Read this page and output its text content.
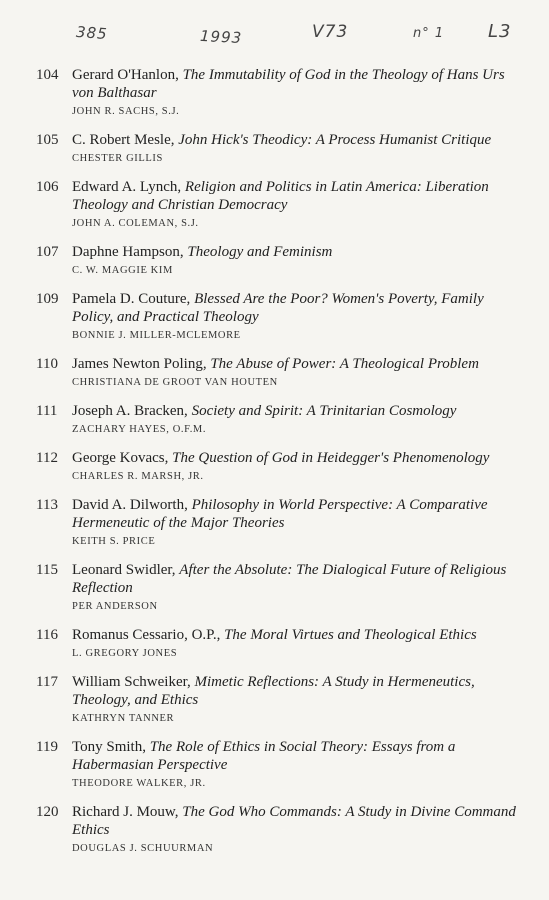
385	1993	V73	n° 1 L3
104 Gerard O'Hanlon, The Immutability of God in the Theology of Hans Urs von Balthasar
JOHN R. SACHS, S.J.
105 C. Robert Mesle, John Hick's Theodicy: A Process Humanist Critique
CHESTER GILLIS
106 Edward A. Lynch, Religion and Politics in Latin America: Liberation Theology and Christian Democracy
JOHN A. COLEMAN, S.J.
107 Daphne Hampson, Theology and Feminism
C. W. MAGGIE KIM
109 Pamela D. Couture, Blessed Are the Poor? Women's Poverty, Family Policy, and Practical Theology
BONNIE J. MILLER-MCLEMORE
110 James Newton Poling, The Abuse of Power: A Theological Problem
CHRISTIANA DE GROOT VAN HOUTEN
111 Joseph A. Bracken, Society and Spirit: A Trinitarian Cosmology
ZACHARY HAYES, O.F.M.
112 George Kovacs, The Question of God in Heidegger's Phenomenology
CHARLES R. MARSH, JR.
113 David A. Dilworth, Philosophy in World Perspective: A Comparative Hermeneutic of the Major Theories
KEITH S. PRICE
115 Leonard Swidler, After the Absolute: The Dialogical Future of Religious Reflection
PER ANDERSON
116 Romanus Cessario, O.P., The Moral Virtues and Theological Ethics
L. GREGORY JONES
117 William Schweiker, Mimetic Reflections: A Study in Hermeneutics, Theology, and Ethics
KATHRYN TANNER
119 Tony Smith, The Role of Ethics in Social Theory: Essays from a Habermasian Perspective
THEODORE WALKER, JR.
120 Richard J. Mouw, The God Who Commands: A Study in Divine Command Ethics
DOUGLAS J. SCHUURMAN
